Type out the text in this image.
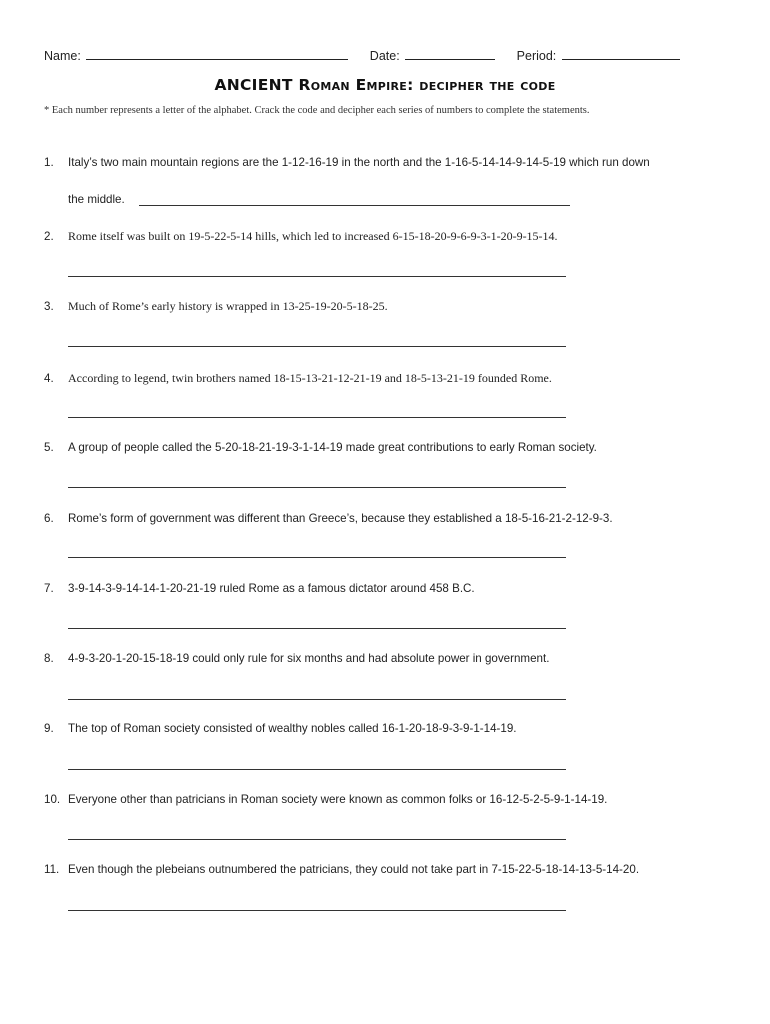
Name:	Date:	Period:
ANCIENT Roman Empire: decipher the code
* Each number represents a letter of the alphabet. Crack the code and decipher each series of numbers to complete the statements.
1. Italy’s two main mountain regions are the 1-12-16-19 in the north and the 1-16-5-14-14-9-14-5-19 which run down
the middle.
2. Rome itself was built on 19-5-22-5-14 hills, which led to increased 6-15-18-20-9-6-9-3-1-20-9-15-14.
3. Much of Rome’s early history is wrapped in 13-25-19-20-5-18-25.
4. According to legend, twin brothers named 18-15-13-21-12-21-19 and 18-5-13-21-19 founded Rome.
5. A group of people called the 5-20-18-21-19-3-1-14-19 made great contributions to early Roman society.
6. Rome’s form of government was different than Greece’s, because they established a 18-5-16-21-2-12-9-3.
7. 3-9-14-3-9-14-14-1-20-21-19 ruled Rome as a famous dictator around 458 B.C.
8. 4-9-3-20-1-20-15-18-19 could only rule for six months and had absolute power in government.
9. The top of Roman society consisted of wealthy nobles called 16-1-20-18-9-3-9-1-14-19.
10. Everyone other than patricians in Roman society were known as common folks or 16-12-5-2-5-9-1-14-19.
11. Even though the plebeians outnumbered the patricians, they could not take part in 7-15-22-5-18-14-13-5-14-20.
